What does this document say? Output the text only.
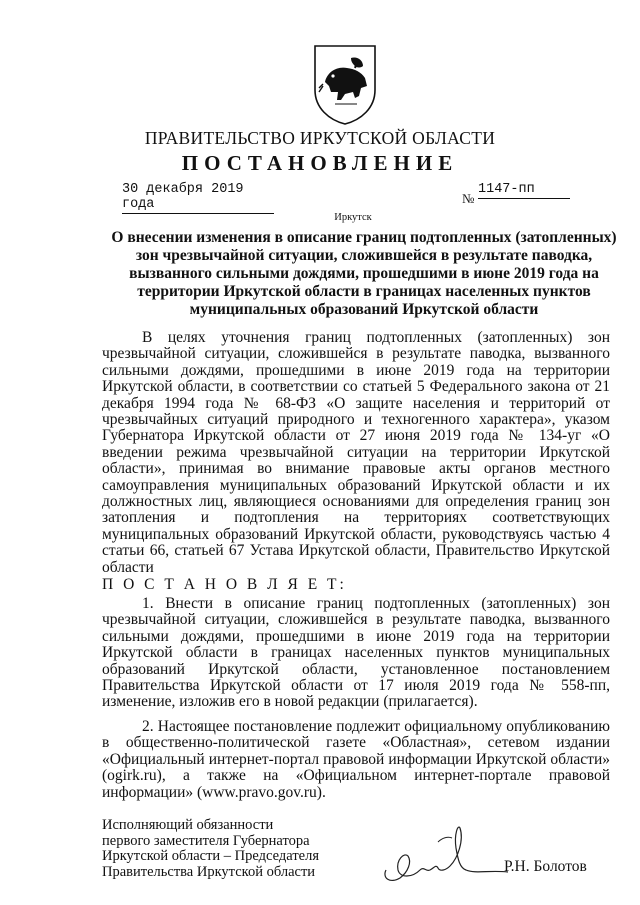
ПРАВИТЕЛЬСТВО ИРКУТСКОЙ ОБЛАСТИ
ПОСТАНОВЛЕНИЕ
30 декабря 2019 года	№
1147-пп
Иркутск
О внесении изменения в описание границ подтопленных (затопленных) зон чрезвычайной ситуации, сложившейся в результате паводка, вызванного сильными дождями, прошедшими в июне 2019 года на территории Иркутской области в границах населенных пунктов муниципальных образований Иркутской области
В целях уточнения границ подтопленных (затопленных) зон чрезвычайной ситуации, сложившейся в результате паводка, вызванного сильными дождями, прошедшими в июне 2019 года на территории Иркутской области, в соответствии со статьей 5 Федерального закона от 21 декабря 1994 года № 68-ФЗ «О защите населения и территорий от чрезвычайных ситуаций природного и техногенного характера», указом Губернатора Иркутской области от 27 июня 2019 года № 134-уг «О введении режима чрезвычайной ситуации на территории Иркутской области», принимая во внимание правовые акты органов местного самоуправления муниципальных образований Иркутской области и их должностных лиц, являющиеся основаниями для определения границ зон затопления и подтопления на территориях соответствующих муниципальных образований Иркутской области, руководствуясь частью 4 статьи 66, статьей 67 Устава Иркутской области, Правительство Иркутской области
П О С Т А Н О В Л Я Е Т:
1. Внести в описание границ подтопленных (затопленных) зон чрезвычайной ситуации, сложившейся в результате паводка, вызванного сильными дождями, прошедшими в июне 2019 года на территории Иркутской области в границах населенных пунктов муниципальных образований Иркутской области, установленное постановлением Правительства Иркутской области от 17 июля 2019 года № 558-пп, изменение, изложив его в новой редакции (прилагается).
2. Настоящее постановление подлежит официальному опубликованию в общественно-политической газете «Областная», сетевом издании «Официальный интернет-портал правовой информации Иркутской области» (ogirk.ru), а также на «Официальном интернет-портале правовой информации» (www.pravo.gov.ru).
Исполняющий обязанности
первого заместителя Губернатора
Иркутской области – Председателя
Правительства Иркутской области	Р.Н. Болотов
